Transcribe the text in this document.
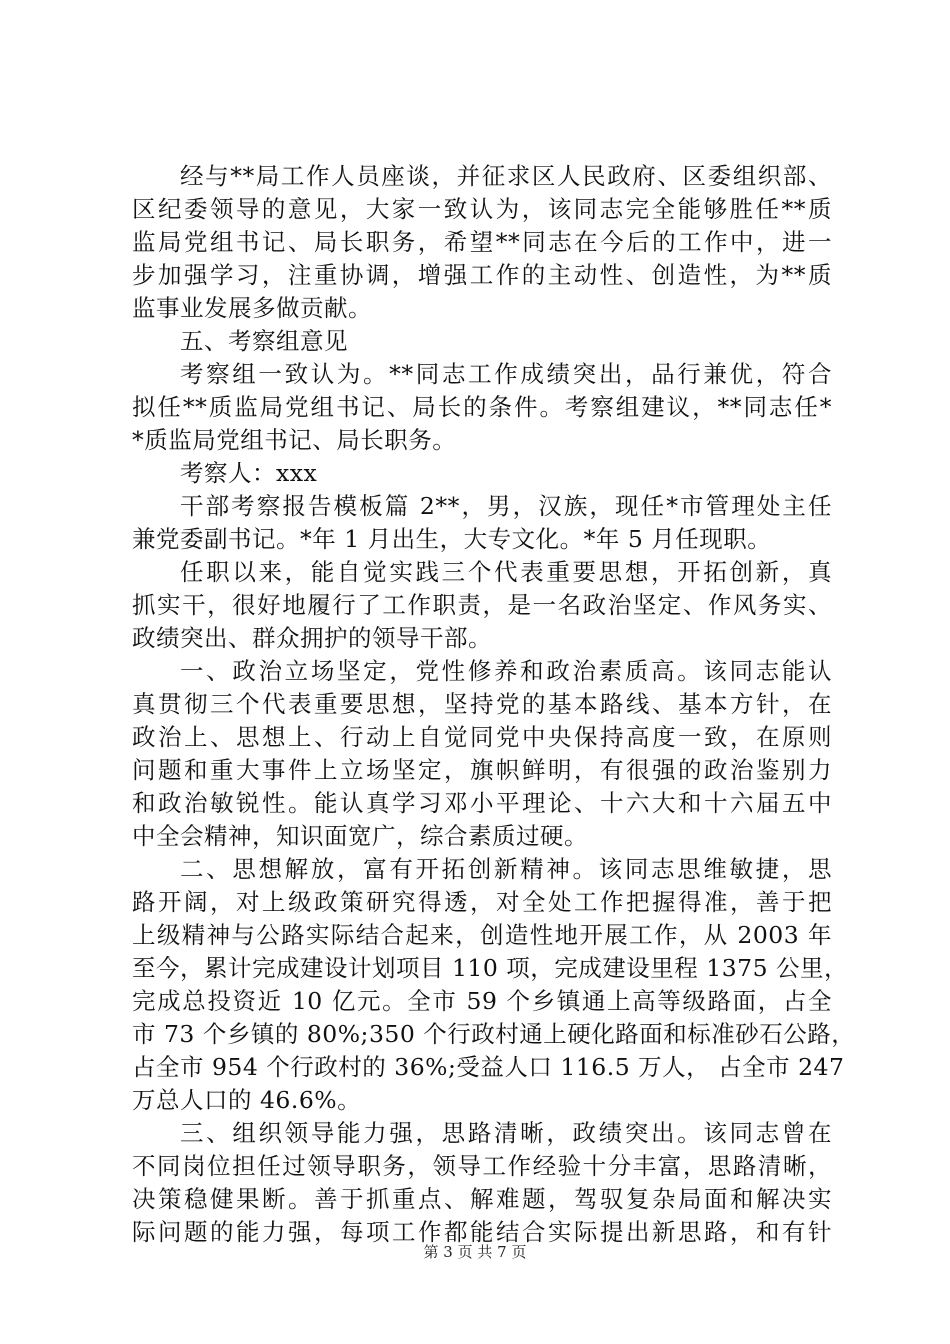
经与**局工作人员座谈，并征求区人民政府、区委组织部、
区纪委领导的意见，大家一致认为，该同志完全能够胜任**质
监局党组书记、局长职务，希望**同志在今后的工作中，进一
步加强学习，注重协调，增强工作的主动性、创造性，为**质
监事业发展多做贡献。
五、考察组意见
考察组一致认为。**同志工作成绩突出，品行兼优，符合
拟任**质监局党组书记、局长的条件。考察组建议，**同志任*
*质监局党组书记、局长职务。
考察人：xxx
干部考察报告模板篇 2**，男，汉族，现任*市管理处主任
兼党委副书记。*年 1 月出生，大专文化。*年 5 月任现职。
任职以来，能自觉实践三个代表重要思想，开拓创新，真
抓实干，很好地履行了工作职责，是一名政治坚定、作风务实、
政绩突出、群众拥护的领导干部。
一、政治立场坚定，党性修养和政治素质高。该同志能认
真贯彻三个代表重要思想，坚持党的基本路线、基本方针，在
政治上、思想上、行动上自觉同党中央保持高度一致，在原则
问题和重大事件上立场坚定，旗帜鲜明，有很强的政治鉴别力
和政治敏锐性。能认真学习邓小平理论、十六大和十六届五中
中全会精神，知识面宽广，综合素质过硬。
二、思想解放，富有开拓创新精神。该同志思维敏捷，思
路开阔，对上级政策研究得透，对全处工作把握得准，善于把
上级精神与公路实际结合起来，创造性地开展工作，从 2003 年
至今，累计完成建设计划项目 110 项，完成建设里程 1375 公里，
完成总投资近 10 亿元。全市 59 个乡镇通上高等级路面，占全
市 73 个乡镇的 80%;350 个行政村通上硬化路面和标准砂石公路，
占全市 954 个行政村的 36%;受益人口 116.5 万人， 占全市 247
万总人口的 46.6%。
三、组织领导能力强，思路清晰，政绩突出。该同志曾在
不同岗位担任过领导职务，领导工作经验十分丰富，思路清晰，
决策稳健果断。善于抓重点、解难题，驾驭复杂局面和解决实
际问题的能力强，每项工作都能结合实际提出新思路，和有针
第 3 页 共 7 页
